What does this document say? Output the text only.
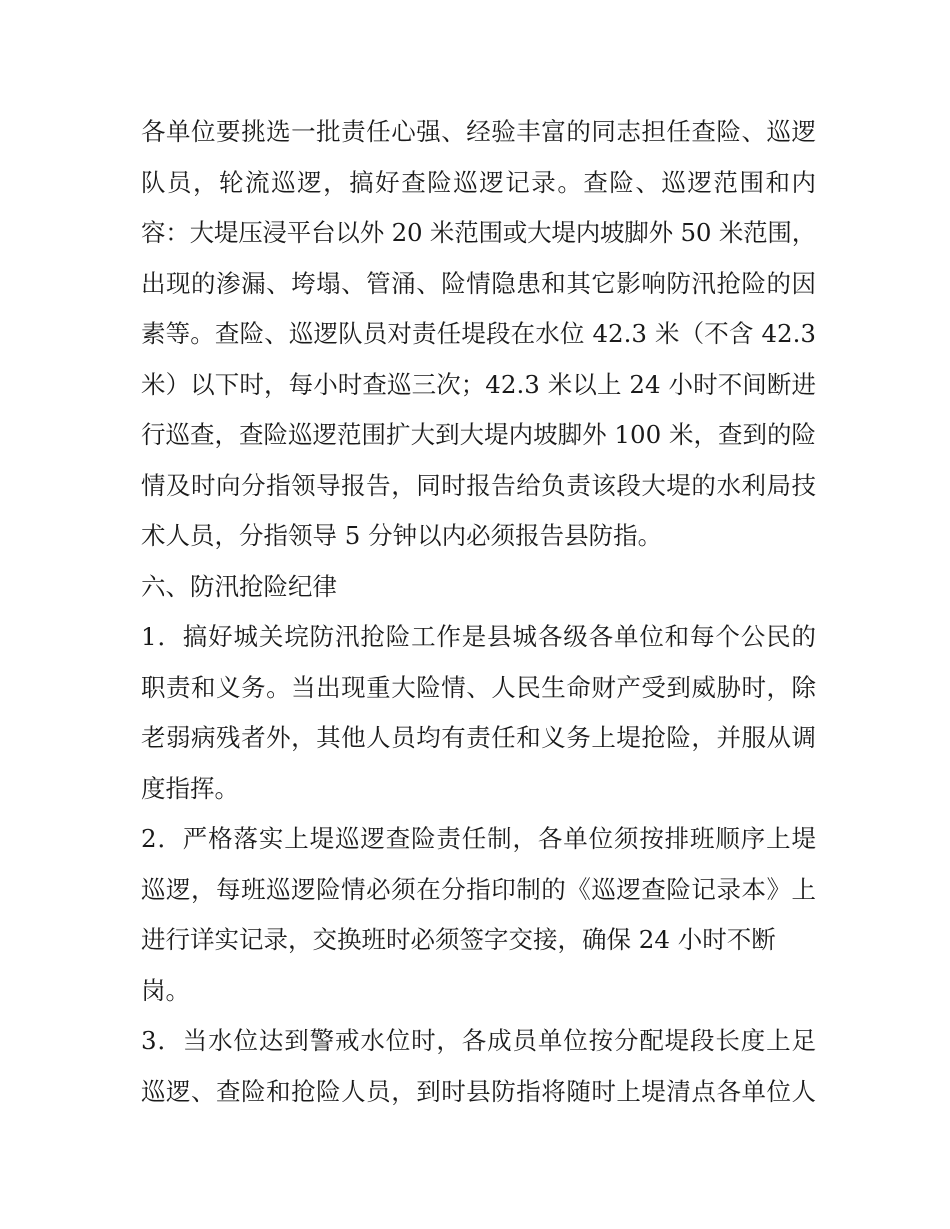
各单位要挑选一批责任心强、经验丰富的同志担任查险、巡逻
队员，轮流巡逻，搞好查险巡逻记录。查险、巡逻范围和内
容：大堤压浸平台以外 20 米范围或大堤内坡脚外 50 米范围，
出现的渗漏、垮塌、管涌、险情隐患和其它影响防汛抢险的因
素等。查险、巡逻队员对责任堤段在水位 42.3 米（不含 42.3
米）以下时，每小时查巡三次；42.3 米以上 24 小时不间断进
行巡查，查险巡逻范围扩大到大堤内坡脚外 100 米，查到的险
情及时向分指领导报告，同时报告给负责该段大堤的水利局技
术人员，分指领导 5 分钟以内必须报告县防指。
六、防汛抢险纪律
1．搞好城关垸防汛抢险工作是县城各级各单位和每个公民的
职责和义务。当出现重大险情、人民生命财产受到威胁时，除
老弱病残者外，其他人员均有责任和义务上堤抢险，并服从调
度指挥。
2．严格落实上堤巡逻查险责任制，各单位须按排班顺序上堤
巡逻，每班巡逻险情必须在分指印制的《巡逻查险记录本》上
进行详实记录，交换班时必须签字交接，确保 24 小时不断
岗。
3．当水位达到警戒水位时，各成员单位按分配堤段长度上足
巡逻、查险和抢险人员，到时县防指将随时上堤清点各单位人
